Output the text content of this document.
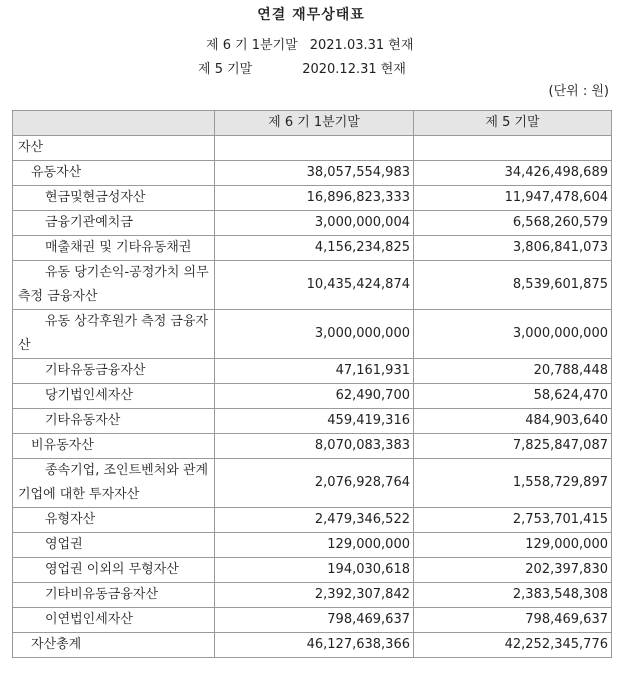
연결 재무상태표
제 6 기 1분기말 2021.03.31 현재
제 5 기말	2020.12.31 현재
(단위 : 원)
	제 6 기 1분기말	제 5 기말
자산		
유동자산	38,057,554,983	34,426,498,689
현금및현금성자산	16,896,823,333	11,947,478,604
금융기관예치금	3,000,000,004	6,568,260,579
매출채권 및 기타유동채권	4,156,234,825	3,806,841,073
유동 당기손익-공정가치 의무 측정 금융자산	10,435,424,874	8,539,601,875
유동 상각후원가 측정 금융자산	3,000,000,000	3,000,000,000
기타유동금융자산	47,161,931	20,788,448
당기법인세자산	62,490,700	58,624,470
기타유동자산	459,419,316	484,903,640
비유동자산	8,070,083,383	7,825,847,087
종속기업, 조인트벤처와 관계기업에 대한 투자자산	2,076,928,764	1,558,729,897
유형자산	2,479,346,522	2,753,701,415
영업권	129,000,000	129,000,000
영업권 이외의 무형자산	194,030,618	202,397,830
기타비유동금융자산	2,392,307,842	2,383,548,308
이연법인세자산	798,469,637	798,469,637
자산총계	46,127,638,366	42,252,345,776
